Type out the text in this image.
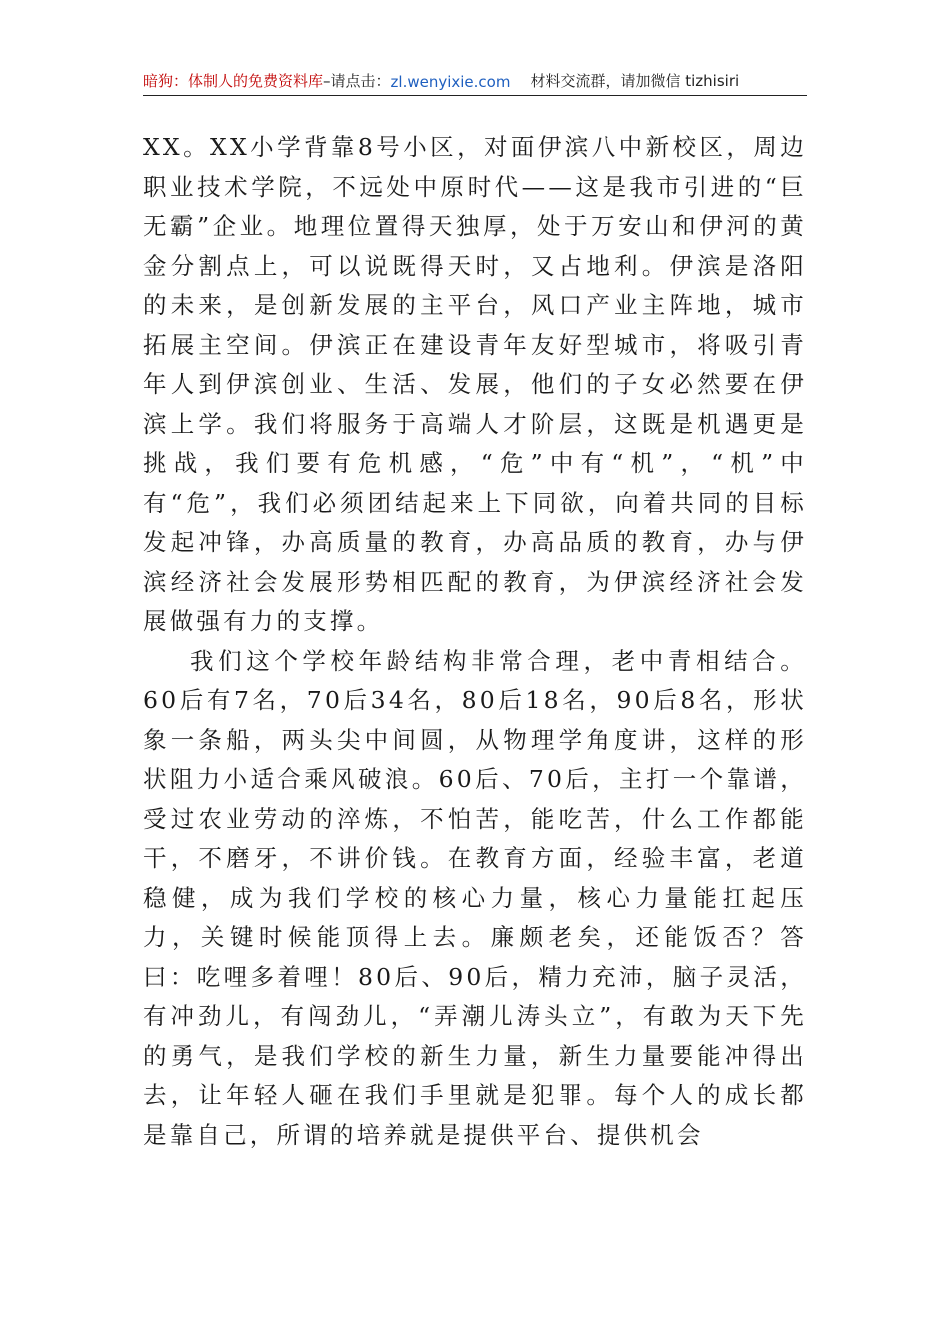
暗狗：体制人的免费资料库 –请点击： zl.wenyixie.com 材料交流群，请加微信 tizhisiri

XX。XX小学背靠8号小区，对面伊滨八中新校区，周边职业技术学院，不远处中原时代——这是我市引进的“巨无霸”企业。地理位置得天独厚，处于万安山和伊河的黄金分割点上，可以说既得天时，又占地利。伊滨是洛阳的未来，是创新发展的主平台，风口产业主阵地，城市拓展主空间。伊滨正在建设青年友好型城市，将吸引青年人到伊滨创业、生活、发展，他们的子女必然要在伊滨上学。我们将服务于高端人才阶层，这既是机遇更是挑战，我们要有危机感，“危”中有“机”，“机”中有“危”，我们必须团结起来上下同欲，向着共同的目标发起冲锋，办高质量的教育，办高品质的教育，办与伊滨经济社会发展形势相匹配的教育，为伊滨经济社会发展做强有力的支撑。

我们这个学校年龄结构非常合理，老中青相结合。60后有7名，70后34名，80后18名，90后8名，形状象一条船，两头尖中间圆，从物理学角度讲，这样的形状阻力小适合乘风破浪。60后、70后，主打一个靠谱，受过农业劳动的淬炼，不怕苦，能吃苦，什么工作都能干，不磨牙，不讲价钱。在教育方面，经验丰富，老道稳健，成为我们学校的核心力量，核心力量能扛起压力，关键时候能顶得上去。廉颇老矣，还能饭否？答曰：吃哩多着哩！80后、90后，精力充沛，脑子灵活，有冲劲儿，有闯劲儿，“弄潮儿涛头立”，有敢为天下先的勇气，是我们学校的新生力量，新生力量要能冲得出去，让年轻人砸在我们手里就是犯罪。每个人的成长都是靠自己，所谓的培养就是提供平台、提供机会
